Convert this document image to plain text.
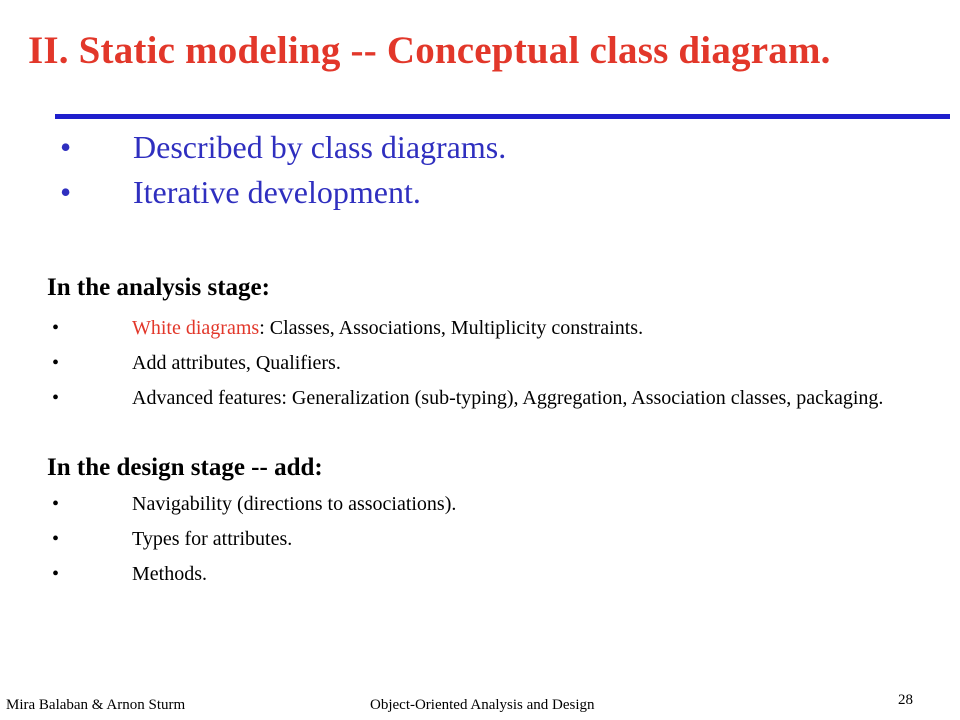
II. Static modeling -- Conceptual class diagram.
• Described by class diagrams.
• Iterative development.
In the analysis stage:
•	White diagrams: Classes, Associations, Multiplicity constraints.
•	Add attributes, Qualifiers.
•	Advanced features: Generalization (sub-typing), Aggregation, Association classes, packaging.
In the design stage -- add:
•	Navigability (directions to associations).
•	Types for attributes.
•	Methods.
Mira Balaban & Arnon Sturm	Object-Oriented Analysis and Design	28
